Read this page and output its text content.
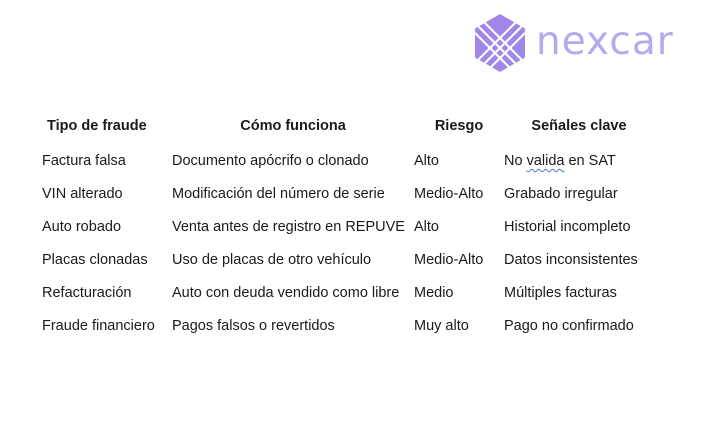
nexcar
Tipo de fraude	Cómo funciona	Riesgo	Señales clave
Factura falsa	Documento apócrifo o clonado	Alto	No valida en SAT
VIN alterado	Modificación del número de serie	Medio-Alto	Grabado irregular
Auto robado	Venta antes de registro en REPUVE	Alto	Historial incompleto
Placas clonadas	Uso de placas de otro vehículo	Medio-Alto	Datos inconsistentes
Refacturación	Auto con deuda vendido como libre	Medio	Múltiples facturas
Fraude financiero	Pagos falsos o revertidos	Muy alto	Pago no confirmado
